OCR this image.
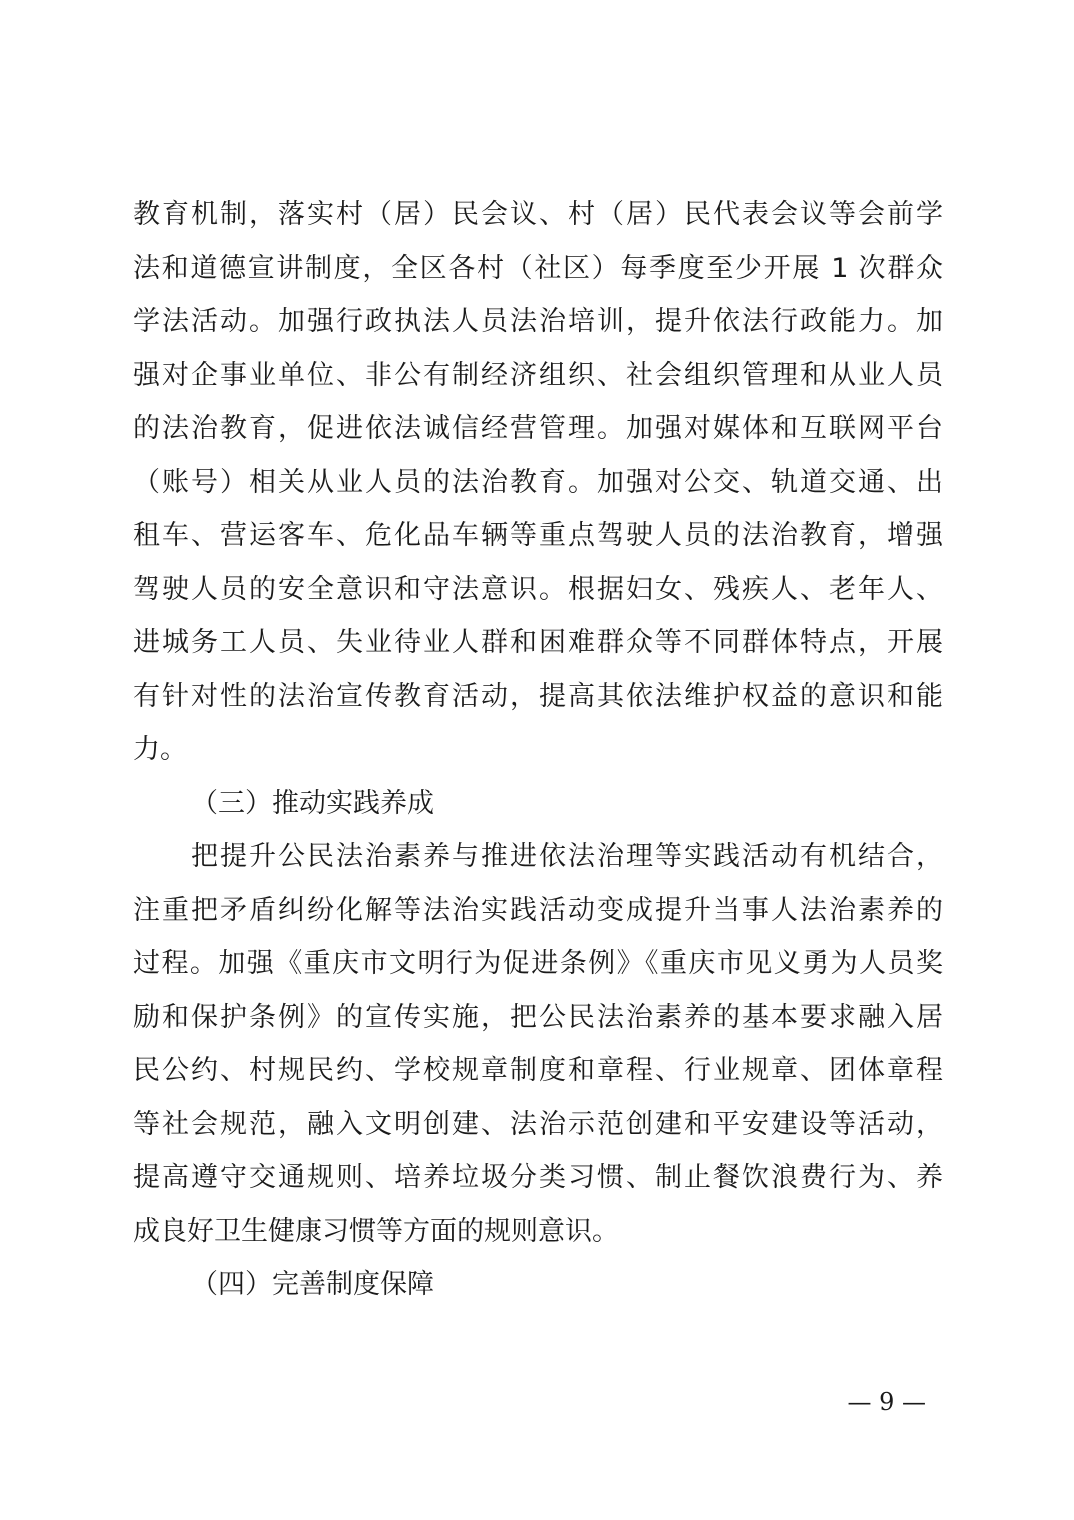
教育机制，落实村（居）民会议、村（居）民代表会议等会前学
法和道德宣讲制度，全区各村（社区）每季度至少开展 1 次群众
学法活动。加强行政执法人员法治培训，提升依法行政能力。加
强对企事业单位、非公有制经济组织、社会组织管理和从业人员
的法治教育，促进依法诚信经营管理。加强对媒体和互联网平台
（账号）相关从业人员的法治教育。加强对公交、轨道交通、出
租车、营运客车、危化品车辆等重点驾驶人员的法治教育，增强
驾驶人员的安全意识和守法意识。根据妇女、残疾人、老年人、
进城务工人员、失业待业人群和困难群众等不同群体特点，开展
有针对性的法治宣传教育活动，提高其依法维护权益的意识和能
力。
（三）推动实践养成
把提升公民法治素养与推进依法治理等实践活动有机结合，
注重把矛盾纠纷化解等法治实践活动变成提升当事人法治素养的
过程。加强《重庆市文明行为促进条例》《重庆市见义勇为人员奖
励和保护条例》的宣传实施，把公民法治素养的基本要求融入居
民公约、村规民约、学校规章制度和章程、行业规章、团体章程
等社会规范，融入文明创建、法治示范创建和平安建设等活动，
提高遵守交通规则、培养垃圾分类习惯、制止餐饮浪费行为、养
成良好卫生健康习惯等方面的规则意识。
（四）完善制度保障
— 9 —
